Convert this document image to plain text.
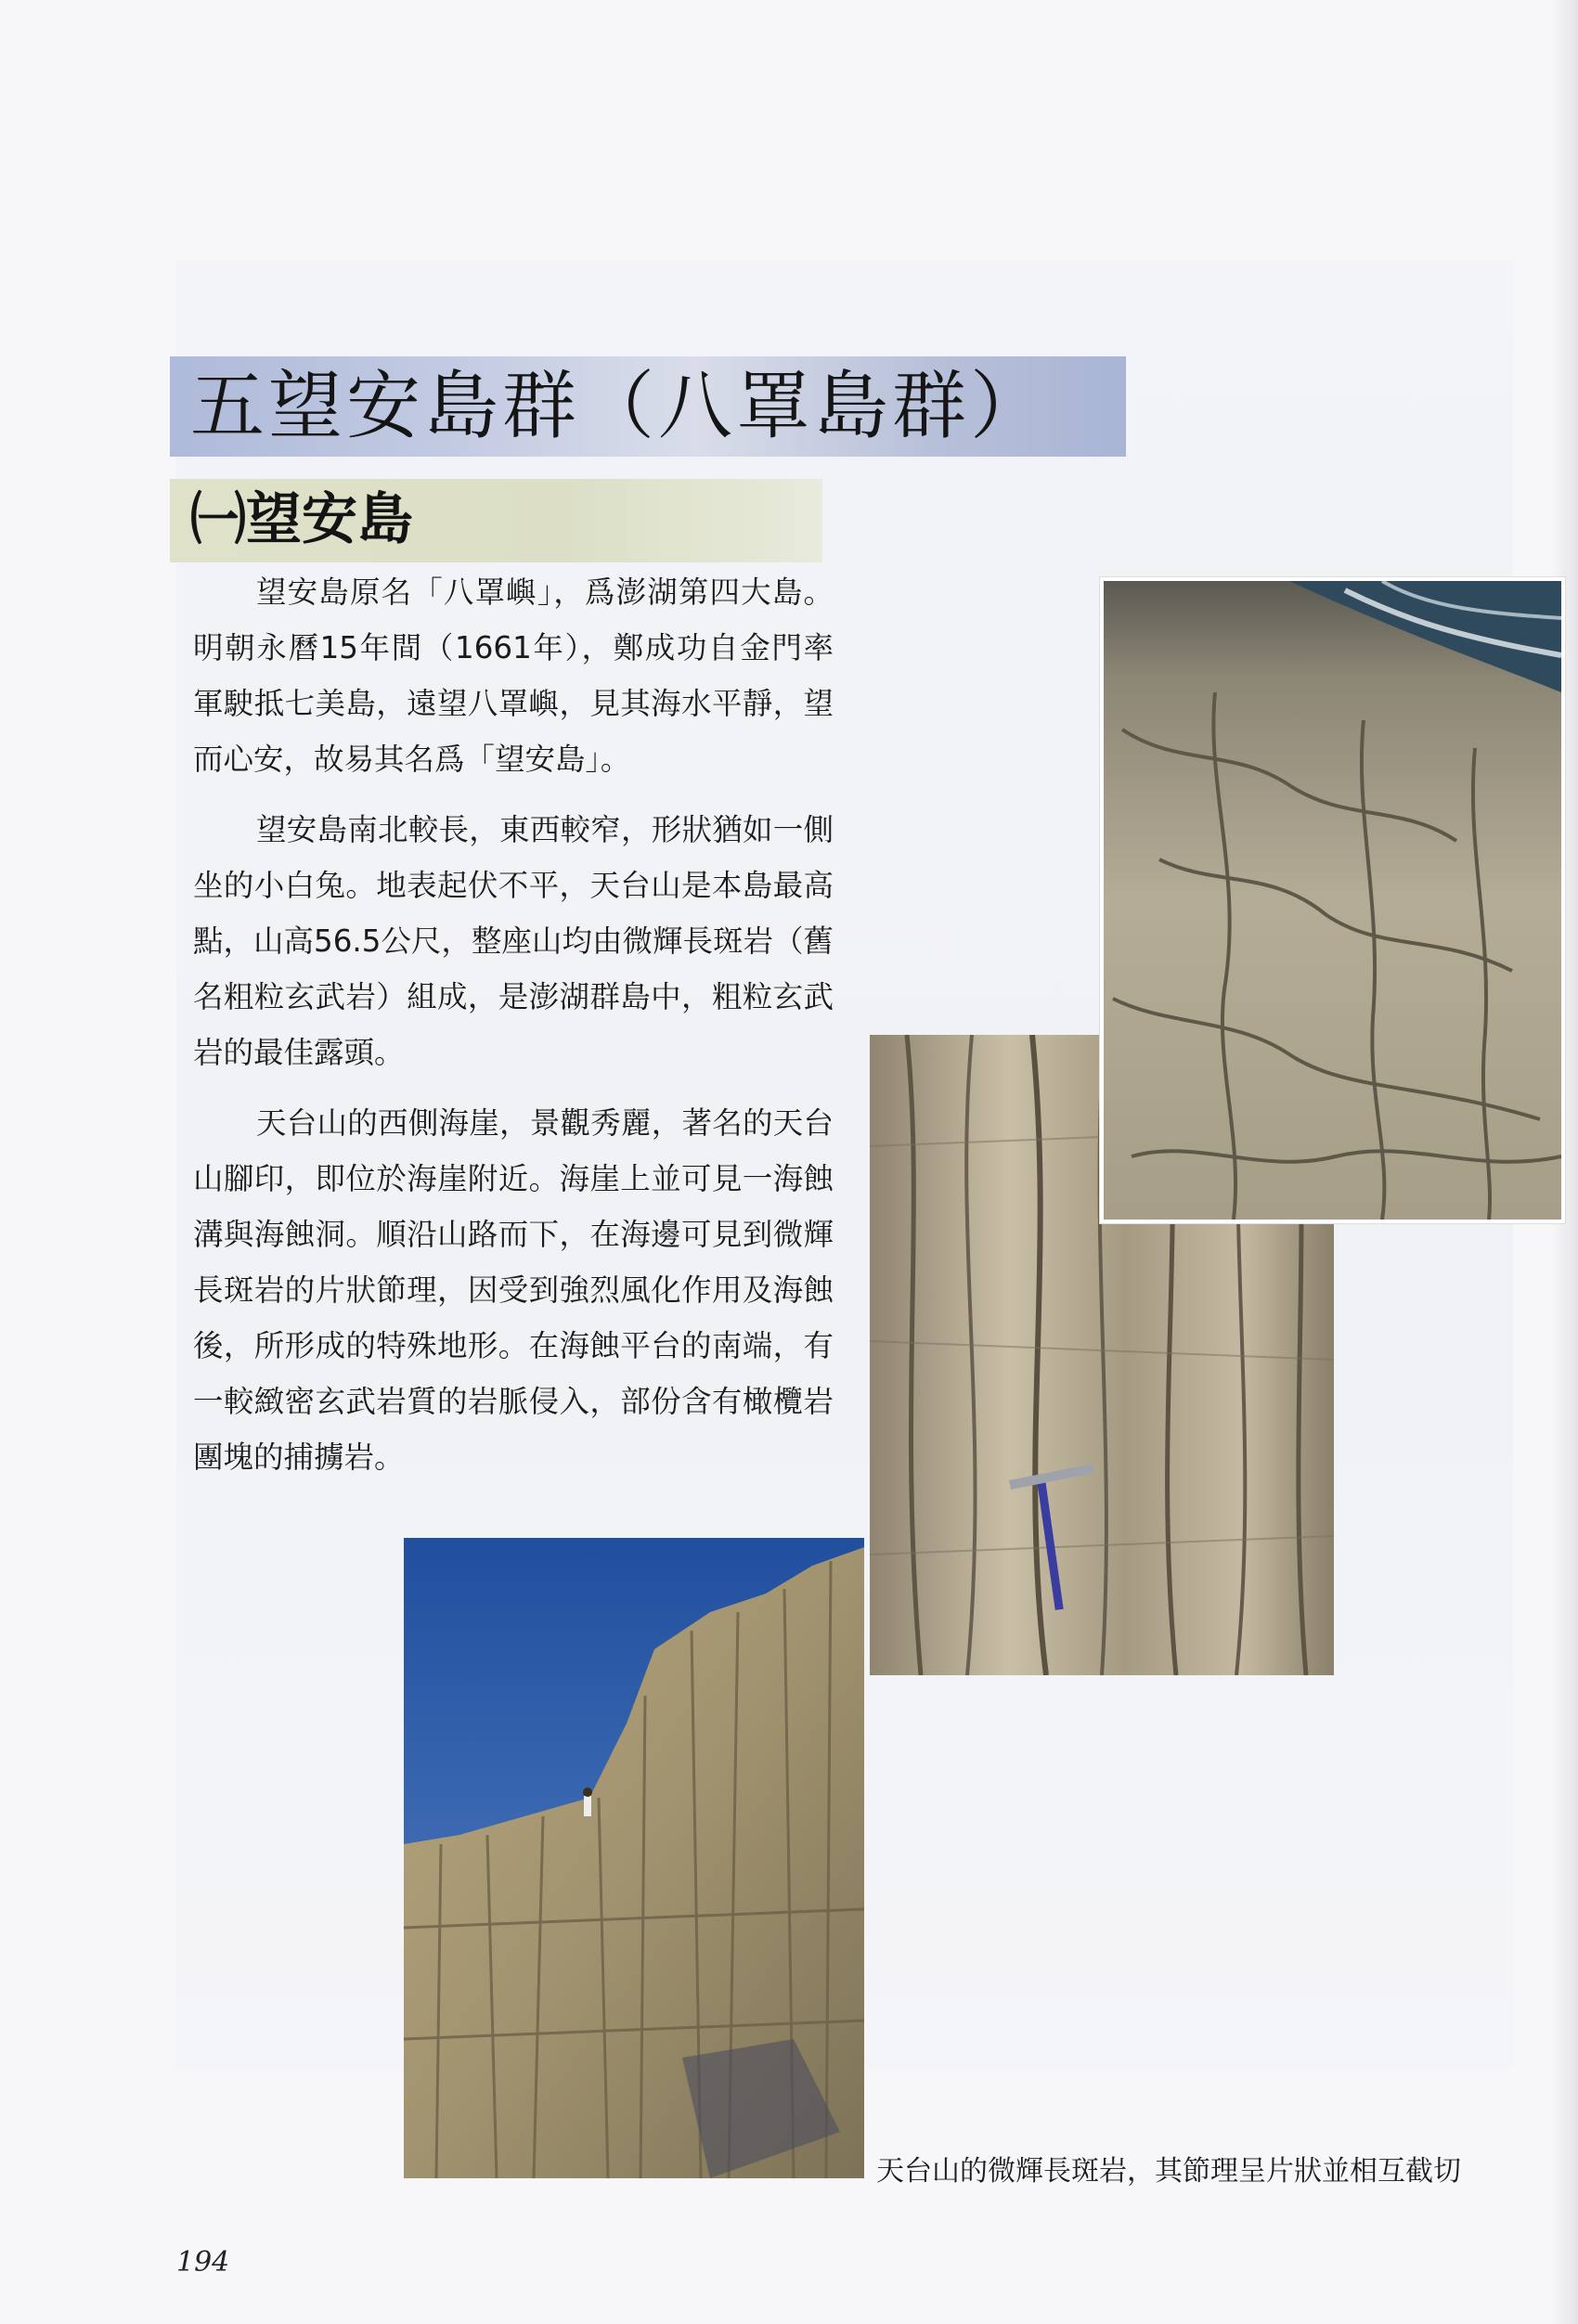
五望安島群（八罩島群）
㈠望安島

望安島原名「八罩嶼」，爲澎湖第四大島。明朝永曆15年間（1661年），鄭成功自金門率軍駛抵七美島，遠望八罩嶼，見其海水平靜，望而心安，故易其名爲「望安島」。

望安島南北較長，東西較窄，形狀猶如一側坐的小白兔。地表起伏不平，天台山是本島最高點，山高56.5公尺，整座山均由微輝長斑岩（舊名粗粒玄武岩）組成，是澎湖群島中，粗粒玄武岩的最佳露頭。

天台山的西側海崖，景觀秀麗，著名的天台山腳印，即位於海崖附近。海崖上並可見一海蝕溝與海蝕洞。順沿山路而下，在海邊可見到微輝長斑岩的片狀節理，因受到強烈風化作用及海蝕後，所形成的特殊地形。在海蝕平台的南端，有一較緻密玄武岩質的岩脈侵入，部份含有橄欖岩團塊的捕擄岩。

天台山的微輝長斑岩，其節理呈片狀並相互截切
194
